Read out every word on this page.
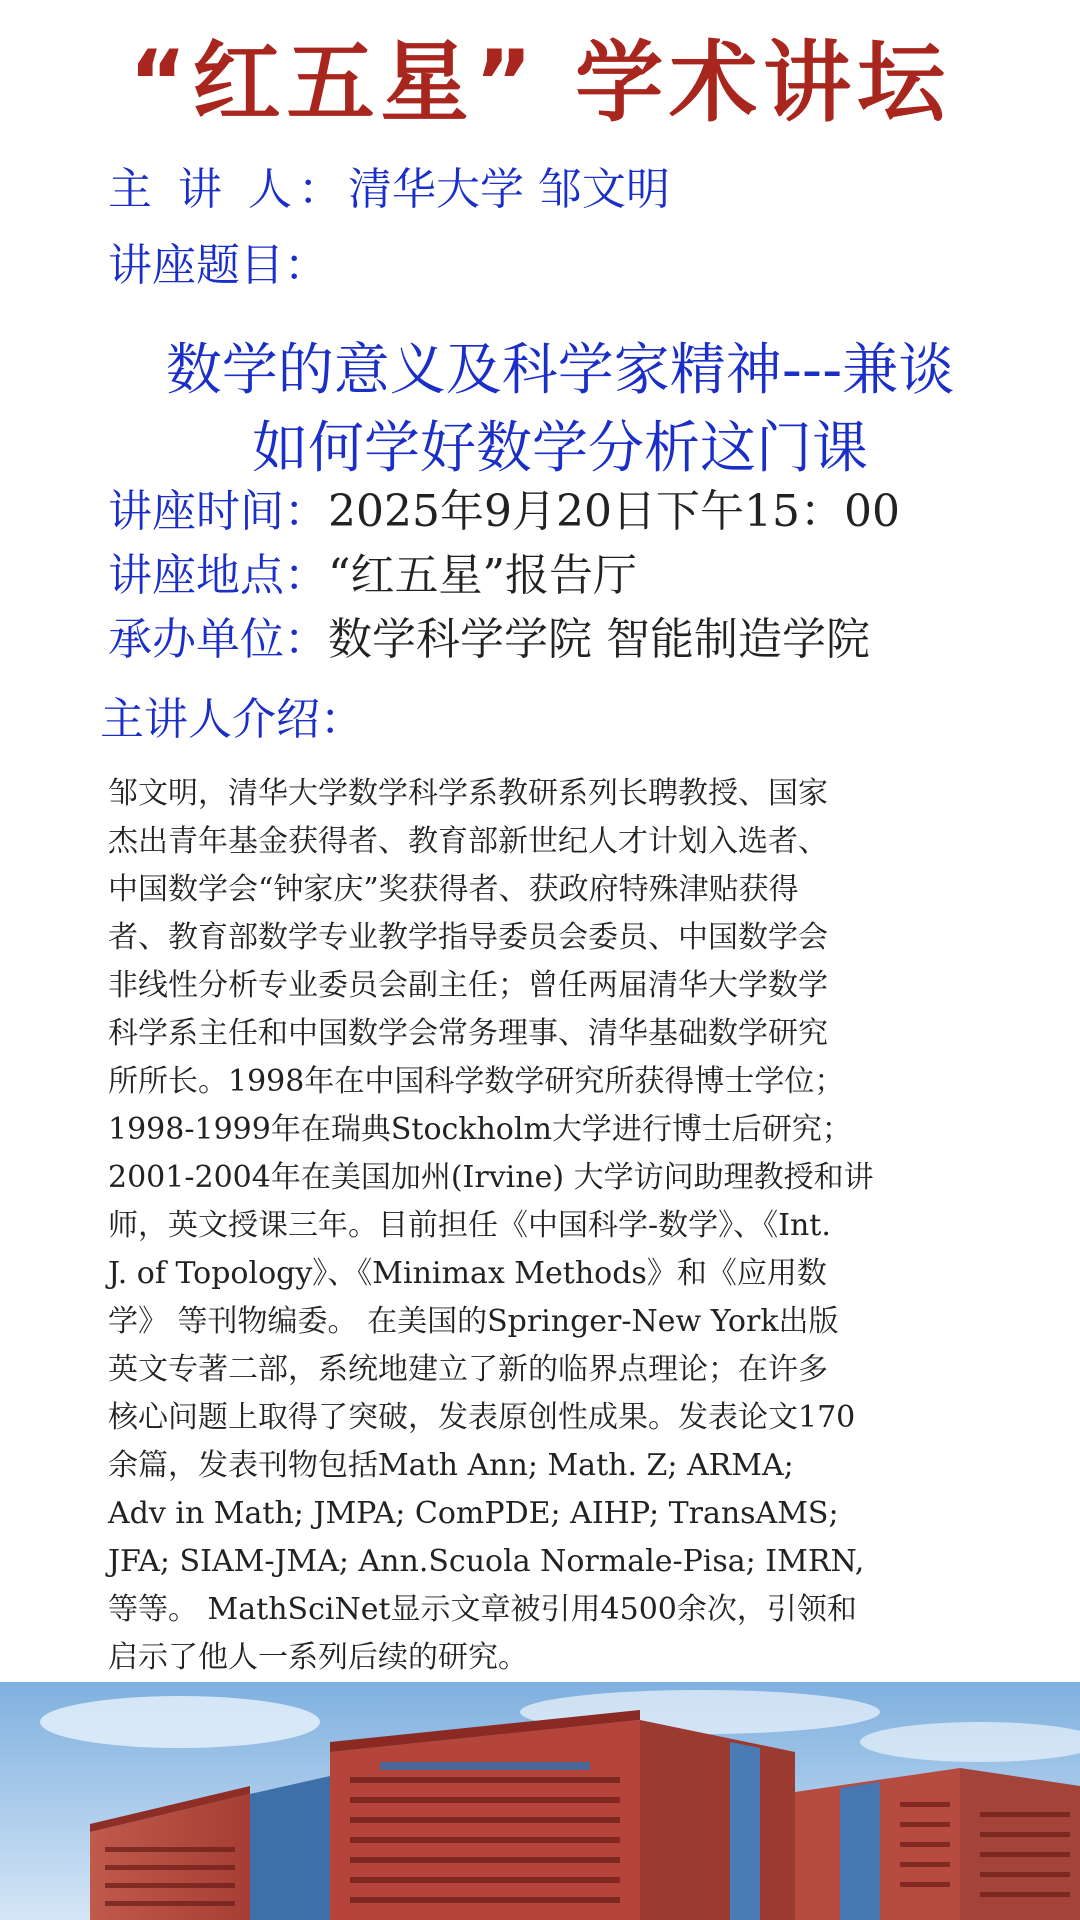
“红五星” 学术讲坛
主 讲 人：清华大学 邹文明
讲座题目：
数学的意义及科学家精神---兼谈
如何学好数学分析这门课
讲座时间：2025年9月20日下午15：00
讲座地点：“红五星”报告厅
承办单位：数学科学学院 智能制造学院
主讲人介绍：
邹文明，清华大学数学科学系教研系列长聘教授、国家
杰出青年基金获得者、教育部新世纪人才计划入选者、
中国数学会“钟家庆”奖获得者、获政府特殊津贴获得
者、教育部数学专业教学指导委员会委员、中国数学会
非线性分析专业委员会副主任；曾任两届清华大学数学
科学系主任和中国数学会常务理事、清华基础数学研究
所所长。1998年在中国科学数学研究所获得博士学位；
1998-1999年在瑞典Stockholm大学进行博士后研究；
2001-2004年在美国加州(Irvine) 大学访问助理教授和讲
师，英文授课三年。目前担任《中国科学-数学》、《Int.
J. of Topology》、《Minimax Methods》和《应用数
学》 等刊物编委。 在美国的Springer-New York出版
英文专著二部，系统地建立了新的临界点理论；在许多
核心问题上取得了突破，发表原创性成果。发表论文170
余篇，发表刊物包括Math Ann; Math. Z; ARMA;
Adv in Math; JMPA; ComPDE; AIHP; TransAMS;
JFA; SIAM-JMA; Ann.Scuola Normale-Pisa; IMRN,
等等。 MathSciNet显示文章被引用4500余次，引领和
启示了他人一系列后续的研究。
